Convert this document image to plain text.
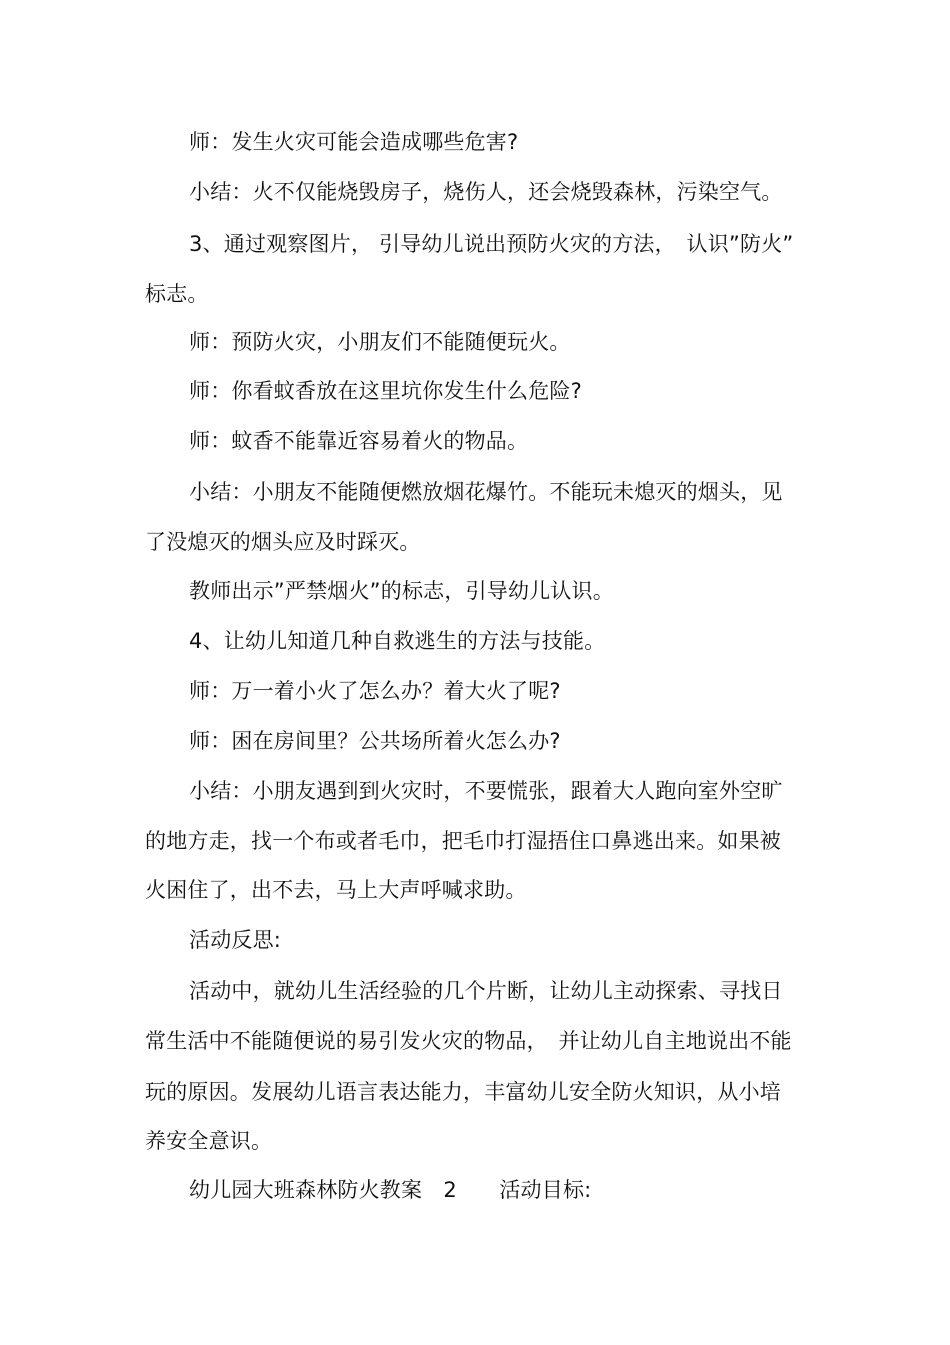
师：发生火灾可能会造成哪些危害?
小结：火不仅能烧毁房子，烧伤人，还会烧毁森林，污染空气。
3、通过观察图片， 引导幼儿说出预防火灾的方法，　认识”防火”
标志。
师：预防火灾，小朋友们不能随便玩火。
师：你看蚊香放在这里坑你发生什么危险?
师：蚊香不能靠近容易着火的物品。
小结：小朋友不能随便燃放烟花爆竹。不能玩未熄灭的烟头，见
了没熄灭的烟头应及时踩灭。
教师出示”严禁烟火”的标志，引导幼儿认识。
4、让幼儿知道几种自救逃生的方法与技能。
师：万一着小火了怎么办？着大火了呢?
师：困在房间里？公共场所着火怎么办?
小结：小朋友遇到到火灾时，不要慌张，跟着大人跑向室外空旷
的地方走，找一个布或者毛巾，把毛巾打湿捂住口鼻逃出来。如果被
火困住了，出不去，马上大声呼喊求助。
活动反思:
活动中，就幼儿生活经验的几个片断，让幼儿主动探索、寻找日
常生活中不能随便说的易引发火灾的物品，　并让幼儿自主地说出不能
玩的原因。发展幼儿语言表达能力，丰富幼儿安全防火知识，从小培
养安全意识。
幼儿园大班森林防火教案　2　　活动目标:
